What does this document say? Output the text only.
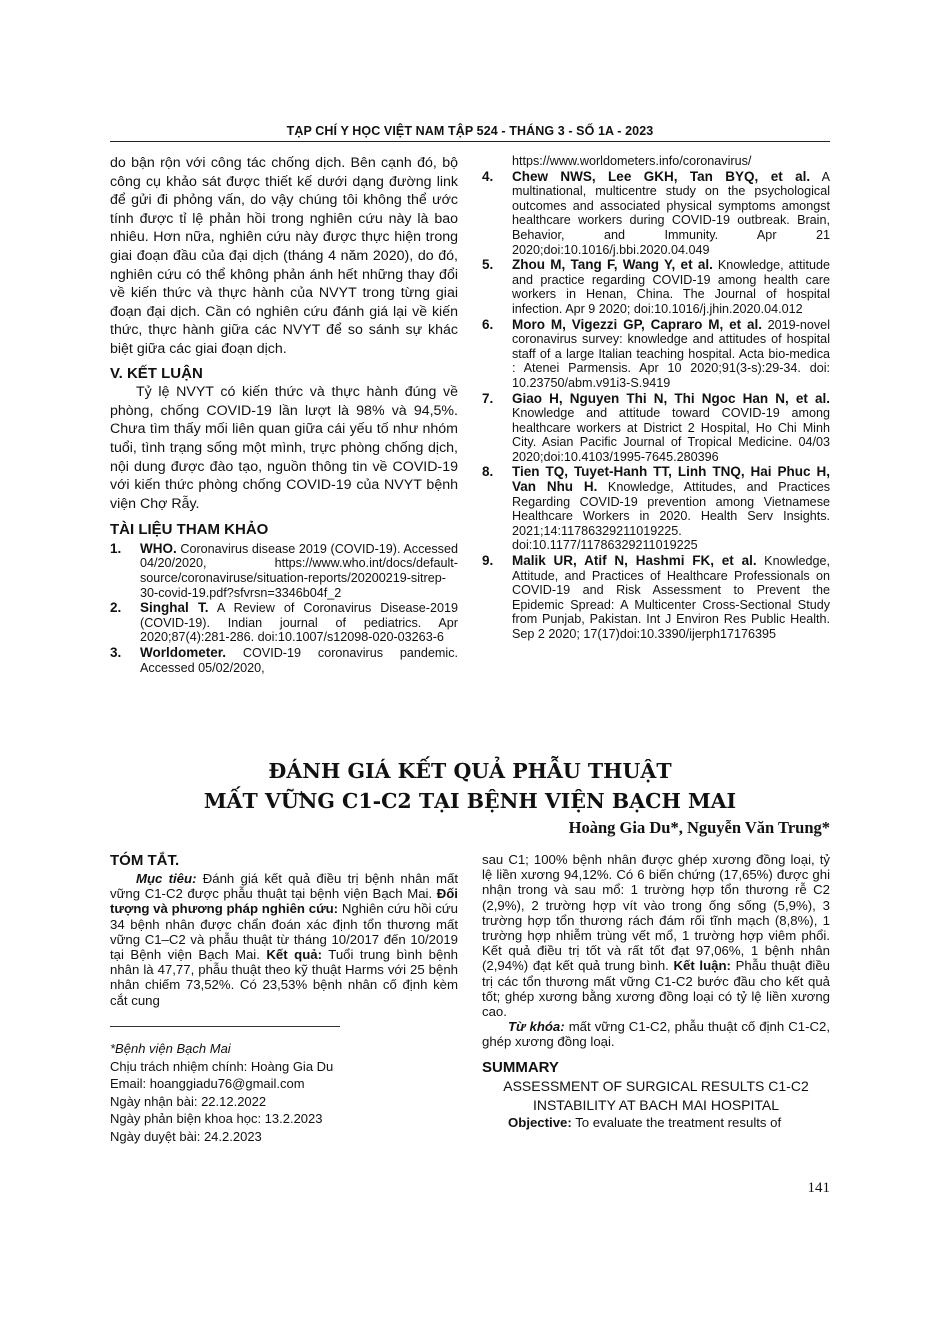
TẠP CHÍ Y HỌC VIỆT NAM TẬP 524 - THÁNG 3 - SỐ 1A - 2023

do bận rộn với công tác chống dịch. Bên cạnh đó, bộ công cụ khảo sát được thiết kế dưới dạng đường link để gửi đi phỏng vấn, do vậy chúng tôi không thể ước tính được tỉ lệ phản hồi trong nghiên cứu này là bao nhiêu. Hơn nữa, nghiên cứu này được thực hiện trong giai đoạn đầu của đại dịch (tháng 4 năm 2020), do đó, nghiên cứu có thể không phản ánh hết những thay đổi về kiến thức và thực hành của NVYT trong từng giai đoạn đại dịch. Cần có nghiên cứu đánh giá lại về kiến thức, thực hành giữa các NVYT để so sánh sự khác biệt giữa các giai đoạn dịch.

V. KẾT LUẬN

Tỷ lệ NVYT có kiến thức và thực hành đúng về phòng, chống COVID-19 lần lượt là 98% và 94,5%. Chưa tìm thấy mối liên quan giữa cái yếu tố như nhóm tuổi, tình trạng sống một mình, trực phòng chống dịch, nội dung được đào tạo, nguồn thông tin về COVID-19 với kiến thức phòng chống COVID-19 của NVYT bệnh viện Chợ Rẫy.

TÀI LIỆU THAM KHẢO
1.	WHO. Coronavirus disease 2019 (COVID-19). Accessed 04/20/2020, https://www.who.int/docs/default-source/coronaviruse/situation-reports/20200219-sitrep-30-covid-19.pdf?sfvrsn=3346b04f_2
2.	Singhal T. A Review of Coronavirus Disease-2019 (COVID-19). Indian journal of pediatrics. Apr 2020;87(4):281-286. doi:10.1007/s12098-020-03263-6
3.	Worldometer. COVID-19 coronavirus pandemic. Accessed 05/02/2020,
https://www.worldometers.info/coronavirus/
4.	Chew NWS, Lee GKH, Tan BYQ, et al. A multinational, multicentre study on the psychological outcomes and associated physical symptoms amongst healthcare workers during COVID-19 outbreak. Brain, Behavior, and Immunity. Apr 21 2020;doi:10.1016/j.bbi.2020.04.049
5.	Zhou M, Tang F, Wang Y, et al. Knowledge, attitude and practice regarding COVID-19 among health care workers in Henan, China. The Journal of hospital infection. Apr 9 2020; doi:10.1016/j.jhin.2020.04.012
6.	Moro M, Vigezzi GP, Capraro M, et al. 2019-novel coronavirus survey: knowledge and attitudes of hospital staff of a large Italian teaching hospital. Acta bio-medica : Atenei Parmensis. Apr 10 2020;91(3-s):29-34. doi: 10.23750/abm.v91i3-S.9419
7.	Giao H, Nguyen Thi N, Thi Ngoc Han N, et al. Knowledge and attitude toward COVID-19 among healthcare workers at District 2 Hospital, Ho Chi Minh City. Asian Pacific Journal of Tropical Medicine. 04/03 2020;doi:10.4103/1995-7645.280396
8.	Tien TQ, Tuyet-Hanh TT, Linh TNQ, Hai Phuc H, Van Nhu H. Knowledge, Attitudes, and Practices Regarding COVID-19 prevention among Vietnamese Healthcare Workers in 2020. Health Serv Insights. 2021;14:11786329211019225. doi:10.1177/11786329211019225
9.	Malik UR, Atif N, Hashmi FK, et al. Knowledge, Attitude, and Practices of Healthcare Professionals on COVID-19 and Risk Assessment to Prevent the Epidemic Spread: A Multicenter Cross-Sectional Study from Punjab, Pakistan. Int J Environ Res Public Health. Sep 2 2020; 17(17)doi:10.3390/ijerph17176395
ĐÁNH GIÁ KẾT QUẢ PHẪU THUẬT
MẤT VỮNG C1-C2 TẠI BỆNH VIỆN BẠCH MAI
Hoàng Gia Du*, Nguyễn Văn Trung*
TÓM TẮT.

Mục tiêu: Đánh giá kết quả điều trị bệnh nhân mất vững C1-C2 được phẫu thuật tại bệnh viện Bạch Mai. Đối tượng và phương pháp nghiên cứu: Nghiên cứu hồi cứu 34 bệnh nhân được chẩn đoán xác định tổn thương mất vững C1–C2 và phẫu thuật từ tháng 10/2017 đến 10/2019 tại Bệnh viện Bạch Mai. Kết quả: Tuổi trung bình bệnh nhân là 47,77, phẫu thuật theo kỹ thuật Harms với 25 bệnh nhân chiếm 73,52%. Có 23,53% bệnh nhân cố định kèm cắt cung

*Bệnh viện Bạch Mai
Chịu trách nhiệm chính: Hoàng Gia Du
Email: hoanggiadu76@gmail.com
Ngày nhận bài: 22.12.2022
Ngày phản biện khoa học: 13.2.2023
Ngày duyệt bài: 24.2.2023

sau C1; 100% bệnh nhân được ghép xương đồng loại, tỷ lệ liền xương 94,12%. Có 6 biến chứng (17,65%) được ghi nhận trong và sau mổ: 1 trường hợp tổn thương rễ C2 (2,9%), 2 trường hợp vít vào trong ống sống (5,9%), 3 trường hợp tổn thương rách đám rối tĩnh mạch (8,8%), 1 trường hợp nhiễm trùng vết mổ, 1 trường hợp viêm phổi. Kết quả điều trị tốt và rất tốt đạt 97,06%, 1 bệnh nhân (2,94%) đạt kết quả trung bình. Kết luận: Phẫu thuật điều trị các tổn thương mất vững C1-C2 bước đầu cho kết quả tốt; ghép xương bằng xương đồng loại có tỷ lệ liền xương cao.

Từ khóa: mất vững C1-C2, phẫu thuật cố định C1-C2, ghép xương đồng loại.

SUMMARY
ASSESSMENT OF SURGICAL RESULTS C1-C2 INSTABILITY AT BACH MAI HOSPITAL

Objective: To evaluate the treatment results of

141
